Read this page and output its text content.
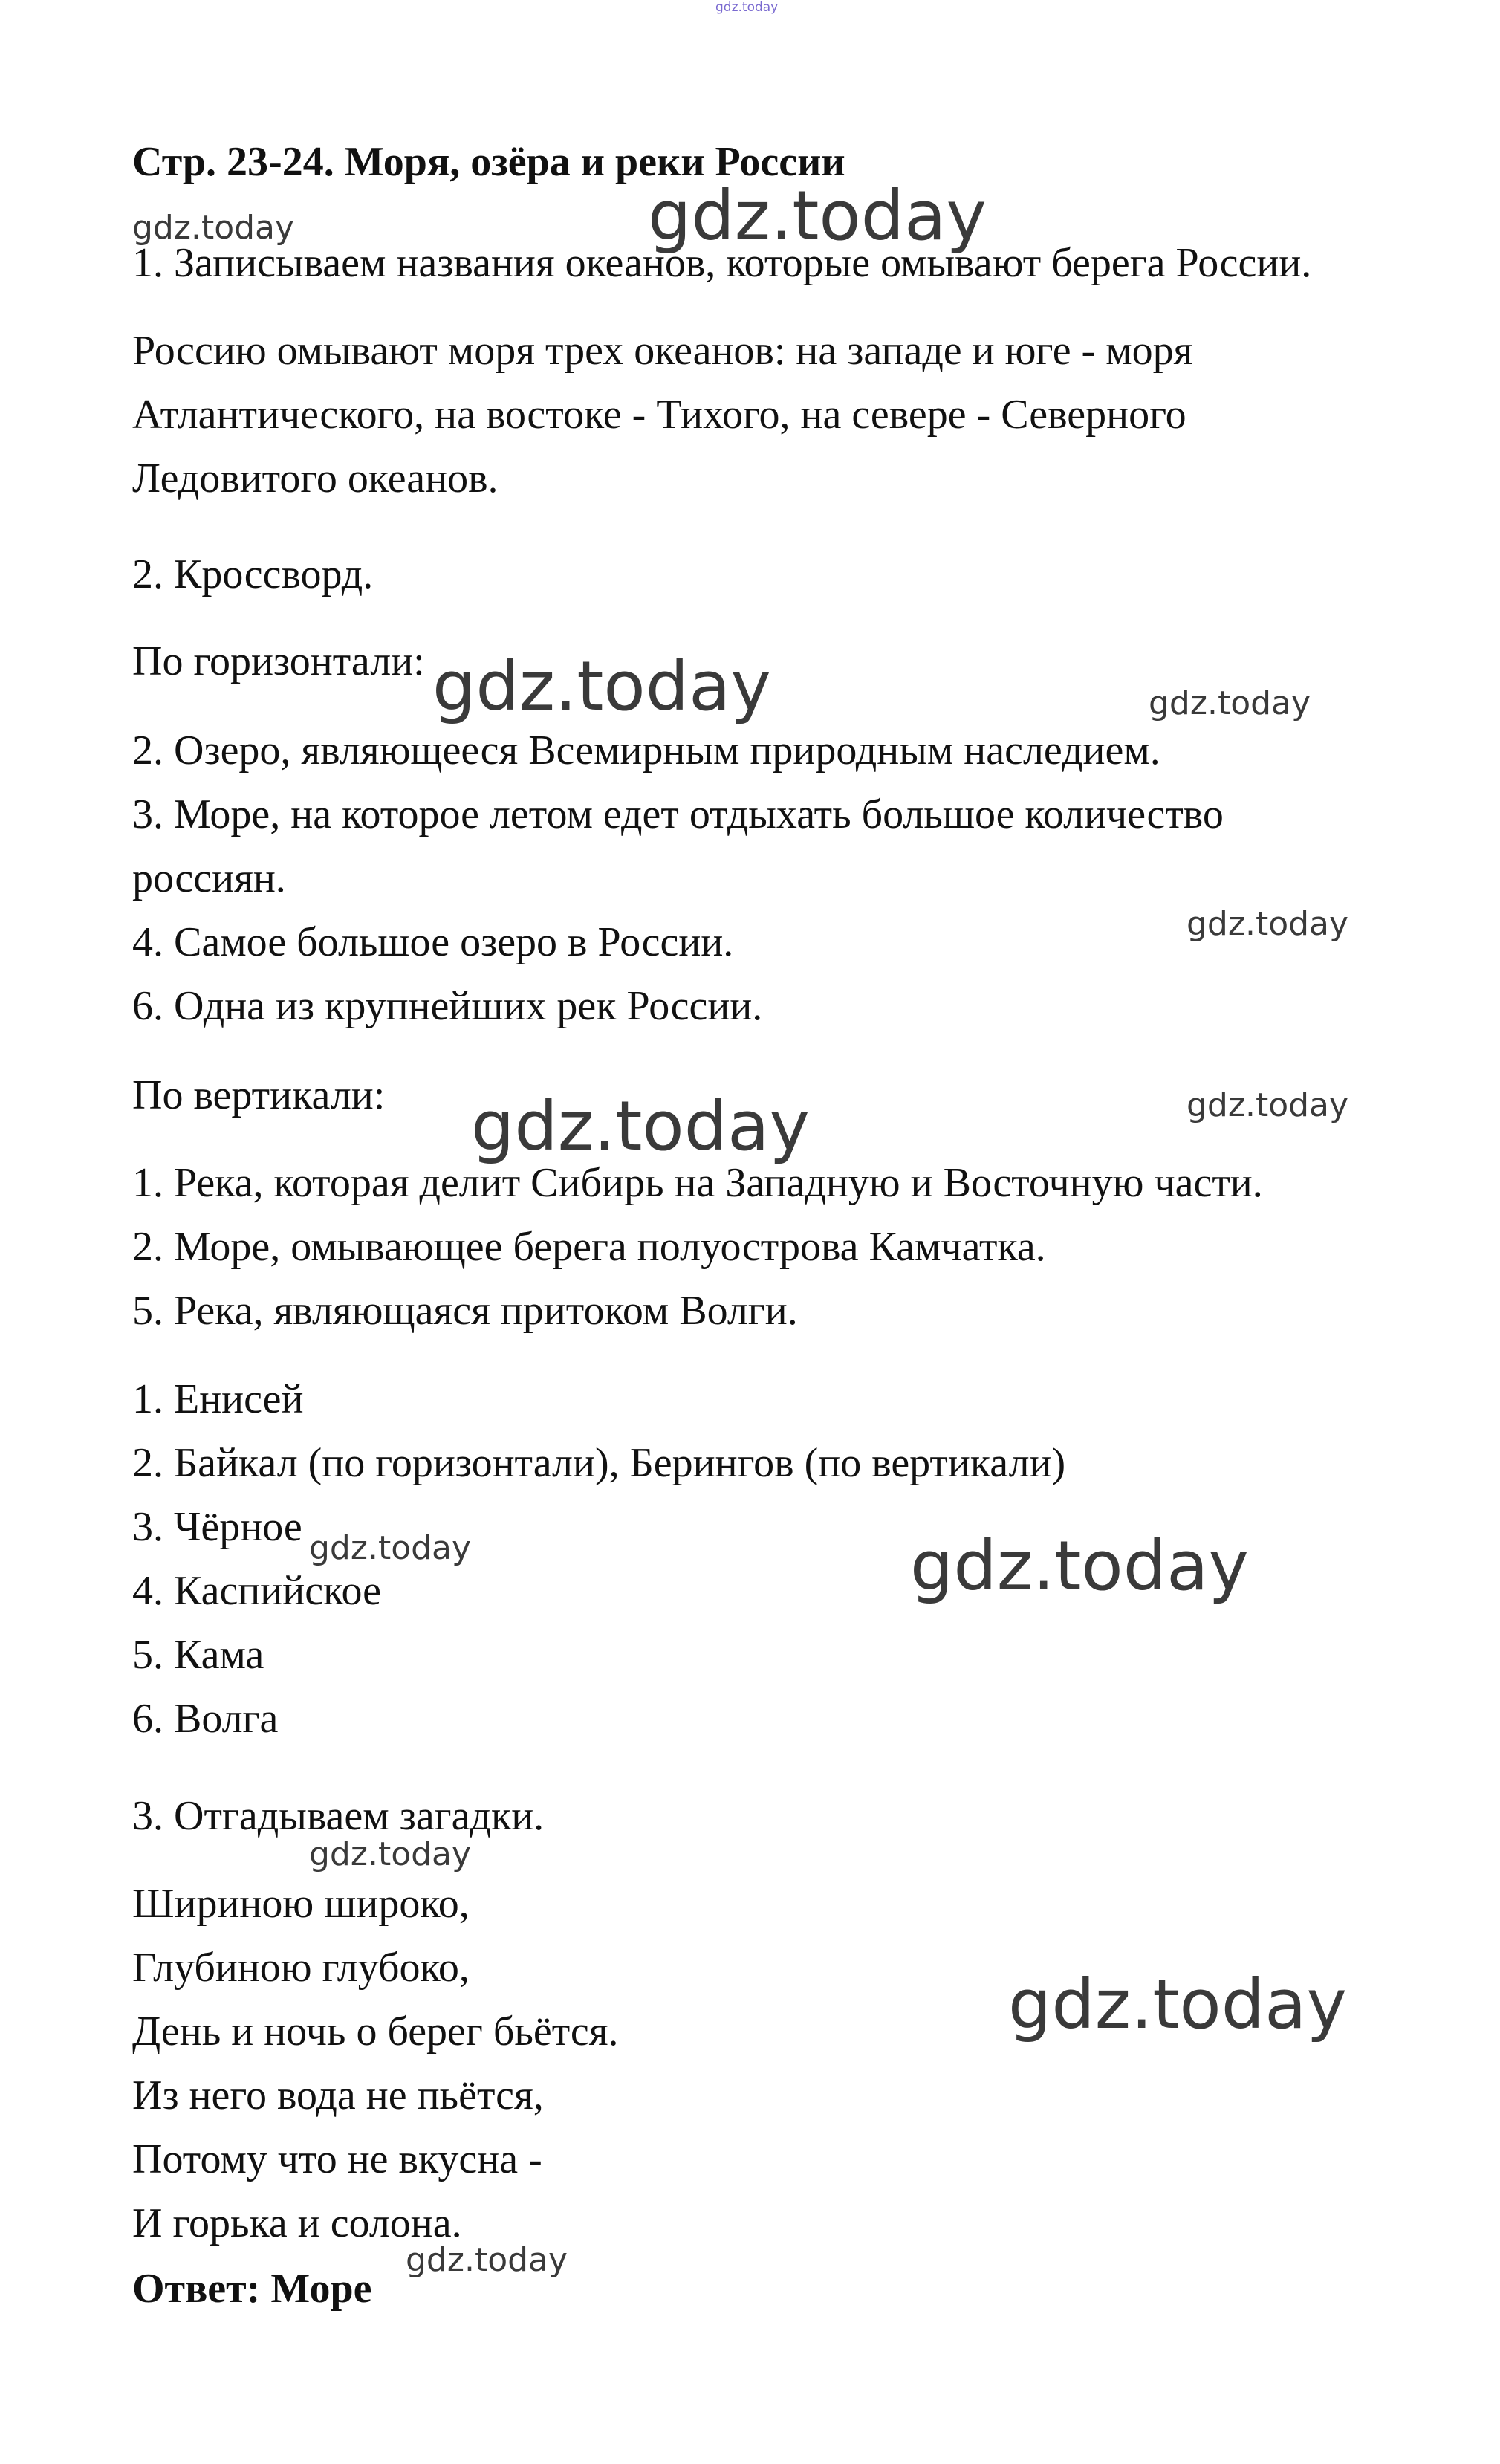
gdz.today
Стр. 23-24. Моря, озёра и реки России
1. Записываем названия океанов, которые омывают берега России.
Россию омывают моря трех океанов: на западе и юге - моря
Атлантического, на востоке - Тихого, на севере - Северного
Ледовитого океанов.
2. Кроссворд.
По горизонтали:
2. Озеро, являющееся Всемирным природным наследием.
3. Море, на которое летом едет отдыхать большое количество
россиян.
4. Самое большое озеро в России.
6. Одна из крупнейших рек России.
По вертикали:
1. Река, которая делит Сибирь на Западную и Восточную части.
2. Море, омывающее берега полуострова Камчатка.
5. Река, являющаяся притоком Волги.
1. Енисей
2. Байкал (по горизонтали), Берингов (по вертикали)
3. Чёрное
4. Каспийское
5. Кама
6. Волга
3. Отгадываем загадки.
Шириною широко,
Глубиною глубоко,
День и ночь о берег бьётся.
Из него вода не пьётся,
Потому что не вкусна -
И горька и солона.
Ответ: Море
gdz.today	gdz.today
gdz.today	gdz.today
gdz.today
gdz.today	gdz.today
gdz.today
gdz.today
gdz.today
gdz.today
gdz.today
